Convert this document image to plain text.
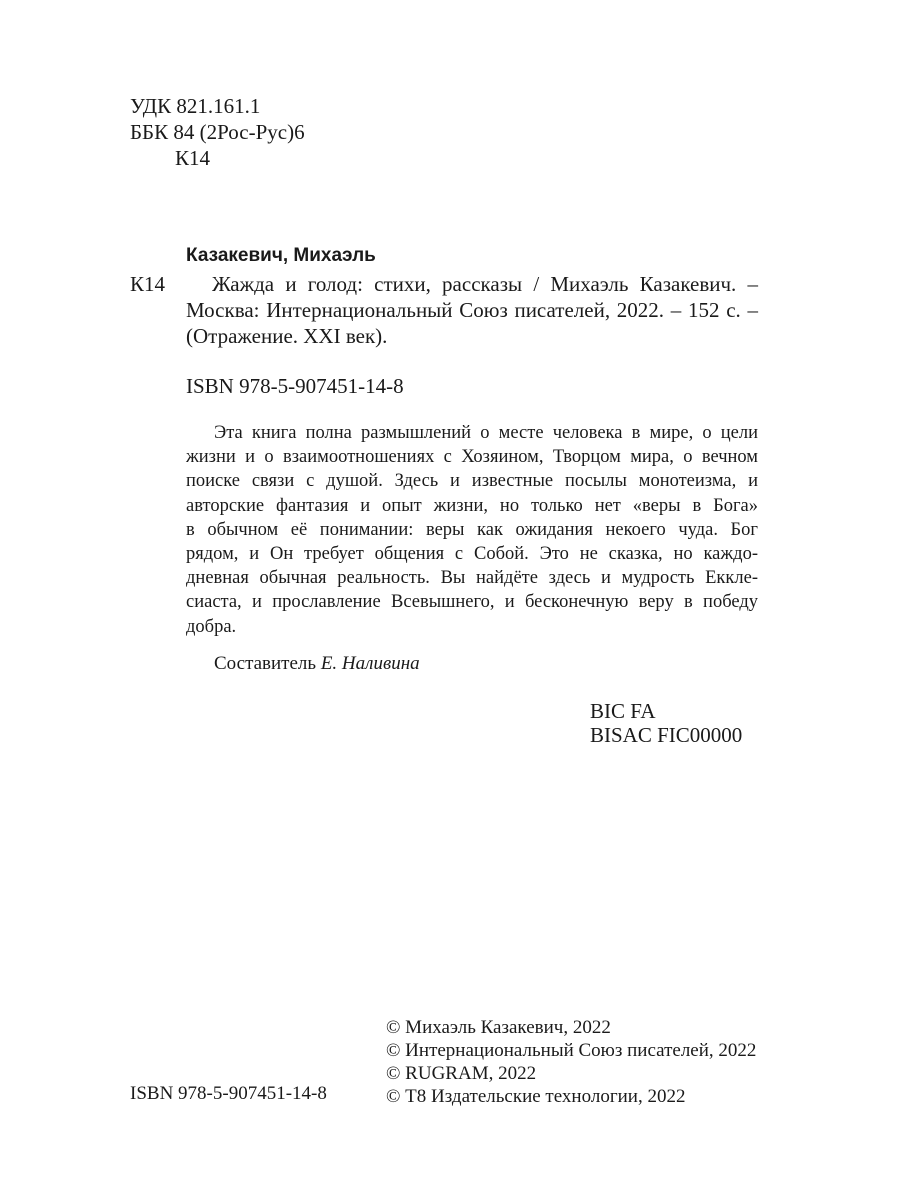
УДК 821.161.1
ББК 84 (2Рос-Рус)6
К14
Казакевич, Михаэль
К14 Жажда и голод: стихи, рассказы / Михаэль Казакевич. –
Москва: Интернациональный Союз писателей, 2022. – 152 с. –
(Отражение. XXI век).
ISBN 978-5-907451-14-8
Эта книга полна размышлений о месте человека в мире, о цели
жизни и о взаимоотношениях с Хозяином, Творцом мира, о вечном
поиске связи с душой. Здесь и известные посылы монотеизма, и
авторские фантазия и опыт жизни, но только нет «веры в Бога»
в обычном её понимании: веры как ожидания некоего чуда. Бог
рядом, и Он требует общения с Собой. Это не сказка, но каждо-
дневная обычная реальность. Вы найдёте здесь и мудрость Еккле-
сиаста, и прославление Всевышнего, и бесконечную веру в победу
добра.
Составитель Е. Наливина
BIC FA
BISAC FIC00000
ISBN 978-5-907451-14-8
© Михаэль Казакевич, 2022
© Интернациональный Союз писателей, 2022
© RUGRAM, 2022
© Т8 Издательские технологии, 2022
